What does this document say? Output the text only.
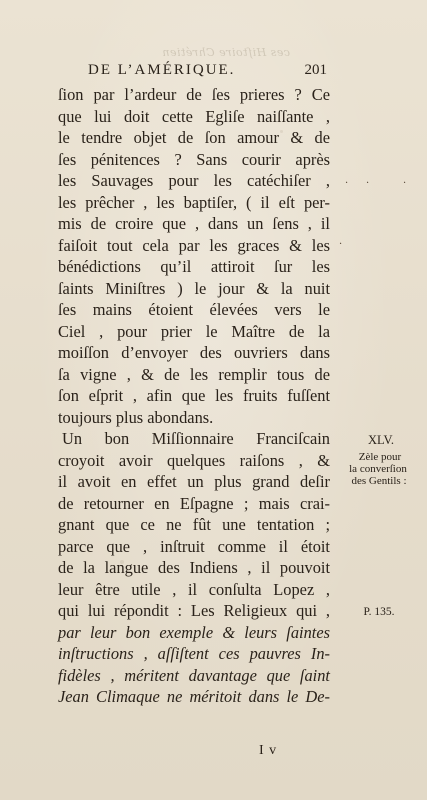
ces Hiſtoire Chrétien
DE L’AMÉRIQUE.	201
ſion par l’ardeur de ſes prieres ? Ce
que lui doit cette Egliſe naiſſante ,
le tendre objet de ſon amour & de
ſes pénitences ? Sans courir après
les Sauvages pour les catéchiſer ,
les prêcher , les baptiſer, ( il eſt per-
mis de croire que , dans un ſens , il
faiſoit tout cela par les graces & les
bénédictions qu’il attiroit ſur les
ſaints Miniſtres ) le jour & la nuit
ſes mains étoient élevées vers le
Ciel , pour prier le Maître de la
moiſſon d’envoyer des ouvriers dans
ſa vigne , & de les remplir tous de
ſon eſprit , afin que les fruits fuſſent
toujours plus abondans.
Un bon Miſſionnaire Franciſcain
croyoit avoir quelques raiſons , &
il avoit en effet un plus grand deſir
de retourner en Eſpagne ; mais crai-
gnant que ce ne fût une tentation ;
parce que , inſtruit comme il étoit
de la langue des Indiens , il pouvoit
leur être utile , il conſulta Lopez ,
qui lui répondit : Les Religieux qui ,
par leur bon exemple & leurs ſaintes
inſtructions , aſſiſtent ces pauvres In-
fidèles , méritent davantage que ſaint
Jean Climaque ne méritoit dans le De-
XLV.
Zèle pour
la converſion
des Gentils :
P. 135.
· ·	·
·
I v
